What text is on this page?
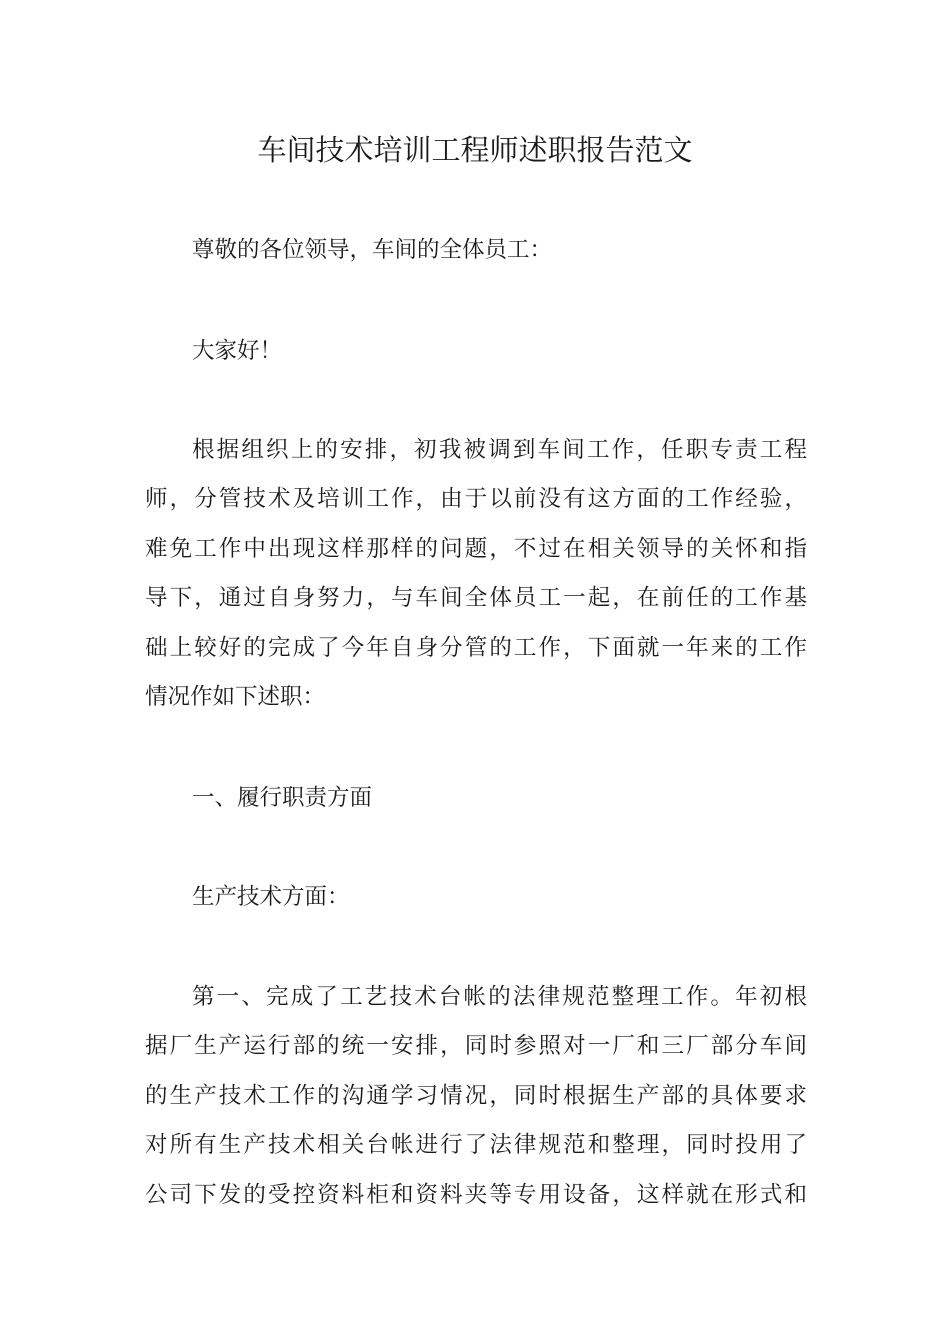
车间技术培训工程师述职报告范文

尊敬的各位领导，车间的全体员工：

大家好！

根据组织上的安排，初我被调到车间工作，任职专责工程
师，分管技术及培训工作，由于以前没有这方面的工作经验，
难免工作中出现这样那样的问题，不过在相关领导的关怀和指
导下，通过自身努力，与车间全体员工一起，在前任的工作基
础上较好的完成了今年自身分管的工作，下面就一年来的工作
情况作如下述职：

一、履行职责方面

生产技术方面：

第一、完成了工艺技术台帐的法律规范整理工作。年初根
据厂生产运行部的统一安排，同时参照对一厂和三厂部分车间
的生产技术工作的沟通学习情况，同时根据生产部的具体要求
对所有生产技术相关台帐进行了法律规范和整理，同时投用了
公司下发的受控资料柜和资料夹等专用设备，这样就在形式和
